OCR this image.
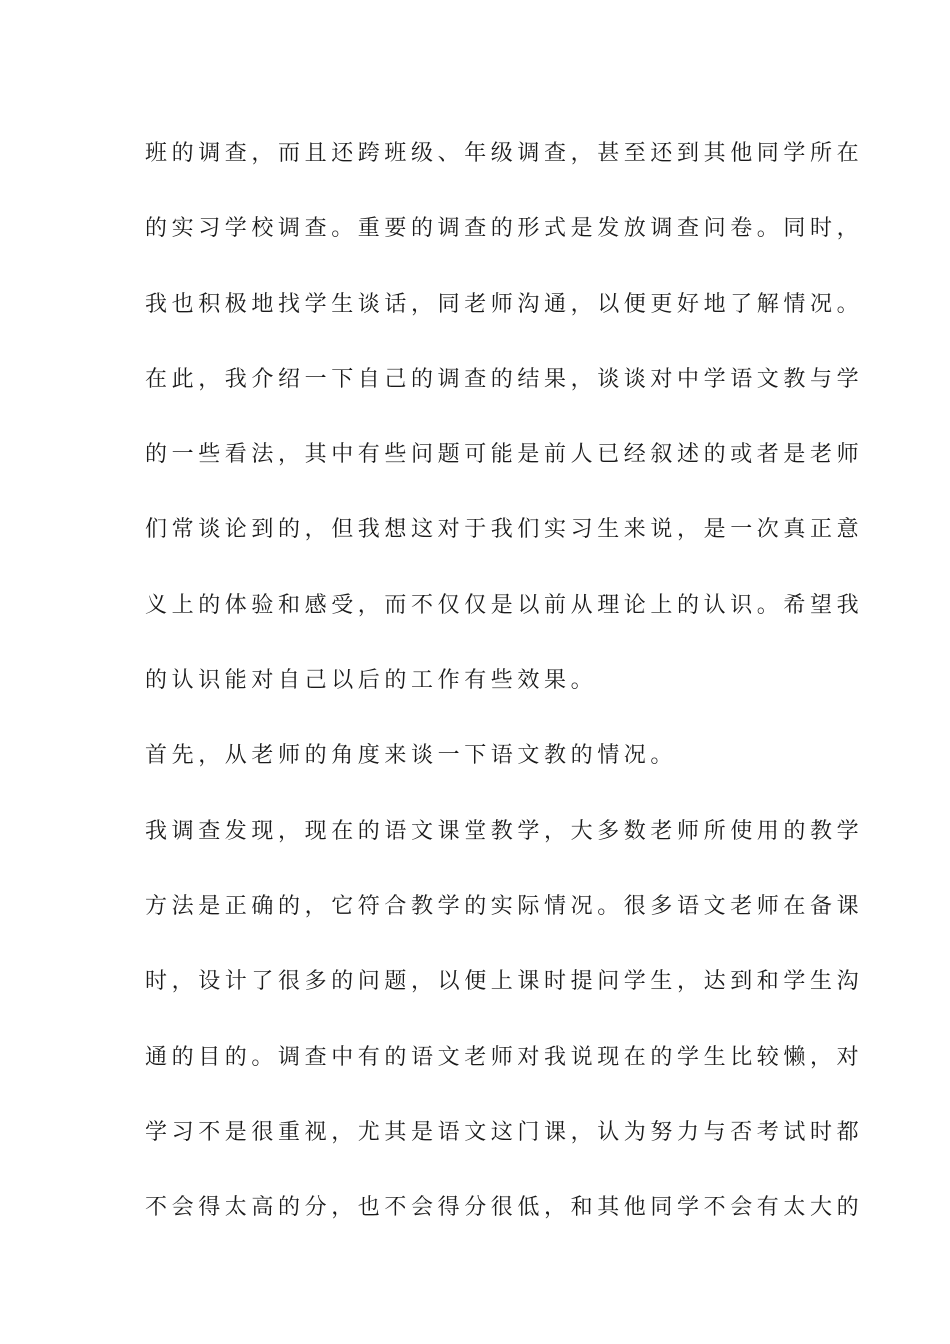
班的调查，而且还跨班级、年级调查，甚至还到其他同学所在
的实习学校调查。重要的调查的形式是发放调查问卷。同时，
我也积极地找学生谈话，同老师沟通，以便更好地了解情况。
在此，我介绍一下自己的调查的结果，谈谈对中学语文教与学
的一些看法，其中有些问题可能是前人已经叙述的或者是老师
们常谈论到的，但我想这对于我们实习生来说，是一次真正意
义上的体验和感受，而不仅仅是以前从理论上的认识。希望我
的认识能对自己以后的工作有些效果。
首先，从老师的角度来谈一下语文教的情况。
我调查发现，现在的语文课堂教学，大多数老师所使用的教学
方法是正确的，它符合教学的实际情况。很多语文老师在备课
时，设计了很多的问题，以便上课时提问学生，达到和学生沟
通的目的。调查中有的语文老师对我说现在的学生比较懒，对
学习不是很重视，尤其是语文这门课，认为努力与否考试时都
不会得太高的分，也不会得分很低，和其他同学不会有太大的
